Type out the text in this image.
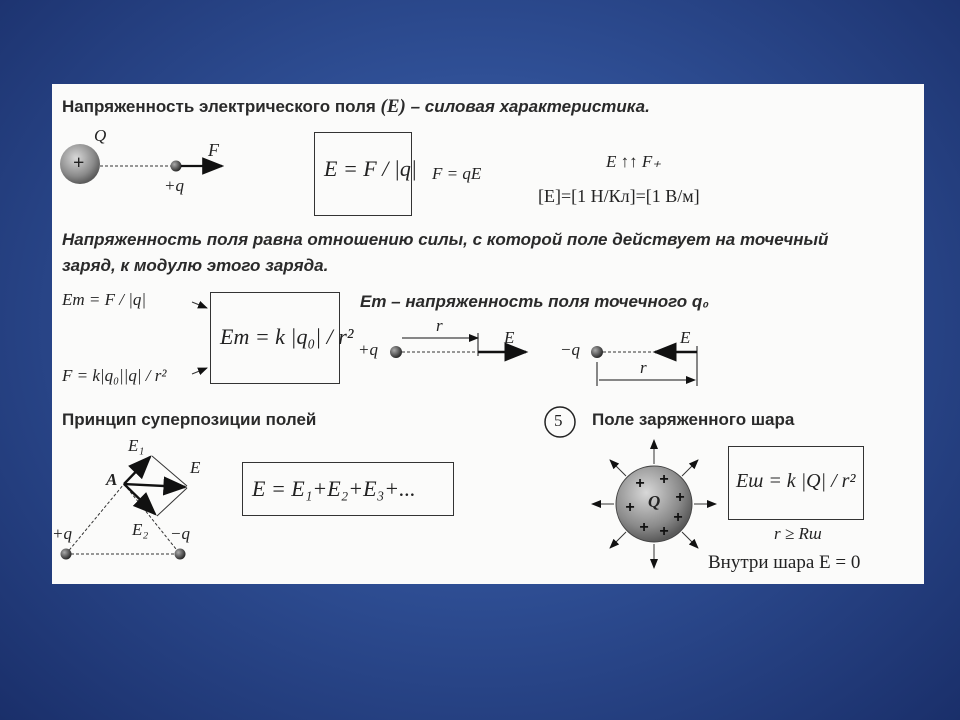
+ +
+
+
+
+ +
Напряженность электрического поля (E) – силовая характеристика.
Q
+
+q
F
E = F / |q| F = qE
E ↑↑ F₊
[E]=[1 Н/Кл]=[1 В/м]
Напряженность поля равна отношению силы, с которой поле действует на точечный
заряд, к модулю этого заряда.
Eт = F / |q|
F = k|q₀||q| / r²
Eт = k |q₀| / r²
Eт – напряженность поля точечного q₀
+q
r
E
−q
E
r
Принцип суперпозиции полей
A
E₁
E₂
E
+q	−q
E = E₁+E₂+E₃+...
5 Поле заряженного шара
Q
Eш = k |Q| / r²
r ≥ Rш
Внутри шара E = 0
